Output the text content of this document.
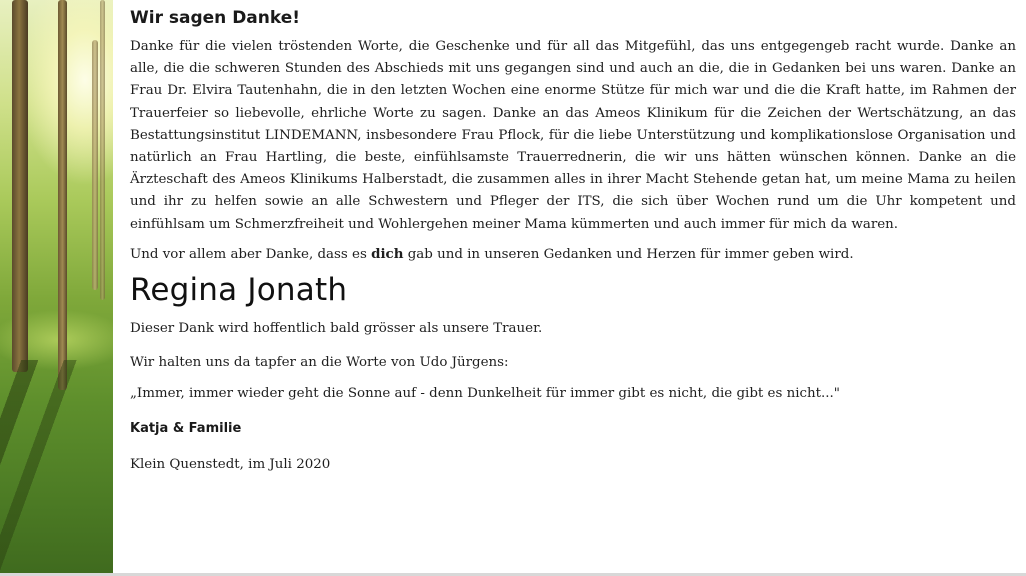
Wir sagen Danke!

Danke für die vielen tröstenden Worte, die Geschenke und für all das Mitgefühl, das uns entgegengeb racht wurde. Danke an alle, die die schweren Stunden des Abschieds mit uns gegangen sind und auch an die, die in Gedanken bei uns waren. Danke an Frau Dr. Elvira Tautenhahn, die in den letzten Wochen eine enorme Stütze für mich war und die die Kraft hatte, im Rahmen der Trauerfeier so liebevolle, ehrliche Worte zu sagen. Danke an das Ameos Klinikum für die Zeichen der Wertschätzung, an das Bestattungsinstitut LINDEMANN, insbesondere Frau Pflock, für die liebe Unterstützung und komplikationslose Organisation und natürlich an Frau Hartling, die beste, einfühlsamste Trauerrednerin, die wir uns hätten wünschen können. Danke an die Ärzteschaft des Ameos Klinikums Halberstadt, die zusammen alles in ihrer Macht Stehende getan hat, um meine Mama zu heilen und ihr zu helfen sowie an alle Schwestern und Pfleger der ITS, die sich über Wochen rund um die Uhr kompetent und einfühlsam um Schmerzfreiheit und Wohlergehen meiner Mama kümmerten und auch immer für mich da waren.

Und vor allem aber Danke, dass es dich gab und in unseren Gedanken und Herzen für immer geben wird.

Regina Jonath

Dieser Dank wird hoffentlich bald grösser als unsere Trauer.

Wir halten uns da tapfer an die Worte von Udo Jürgens:

„Immer, immer wieder geht die Sonne auf - denn Dunkelheit für immer gibt es nicht, die gibt es nicht..."

Katja & Familie

Klein Quenstedt, im Juli 2020
